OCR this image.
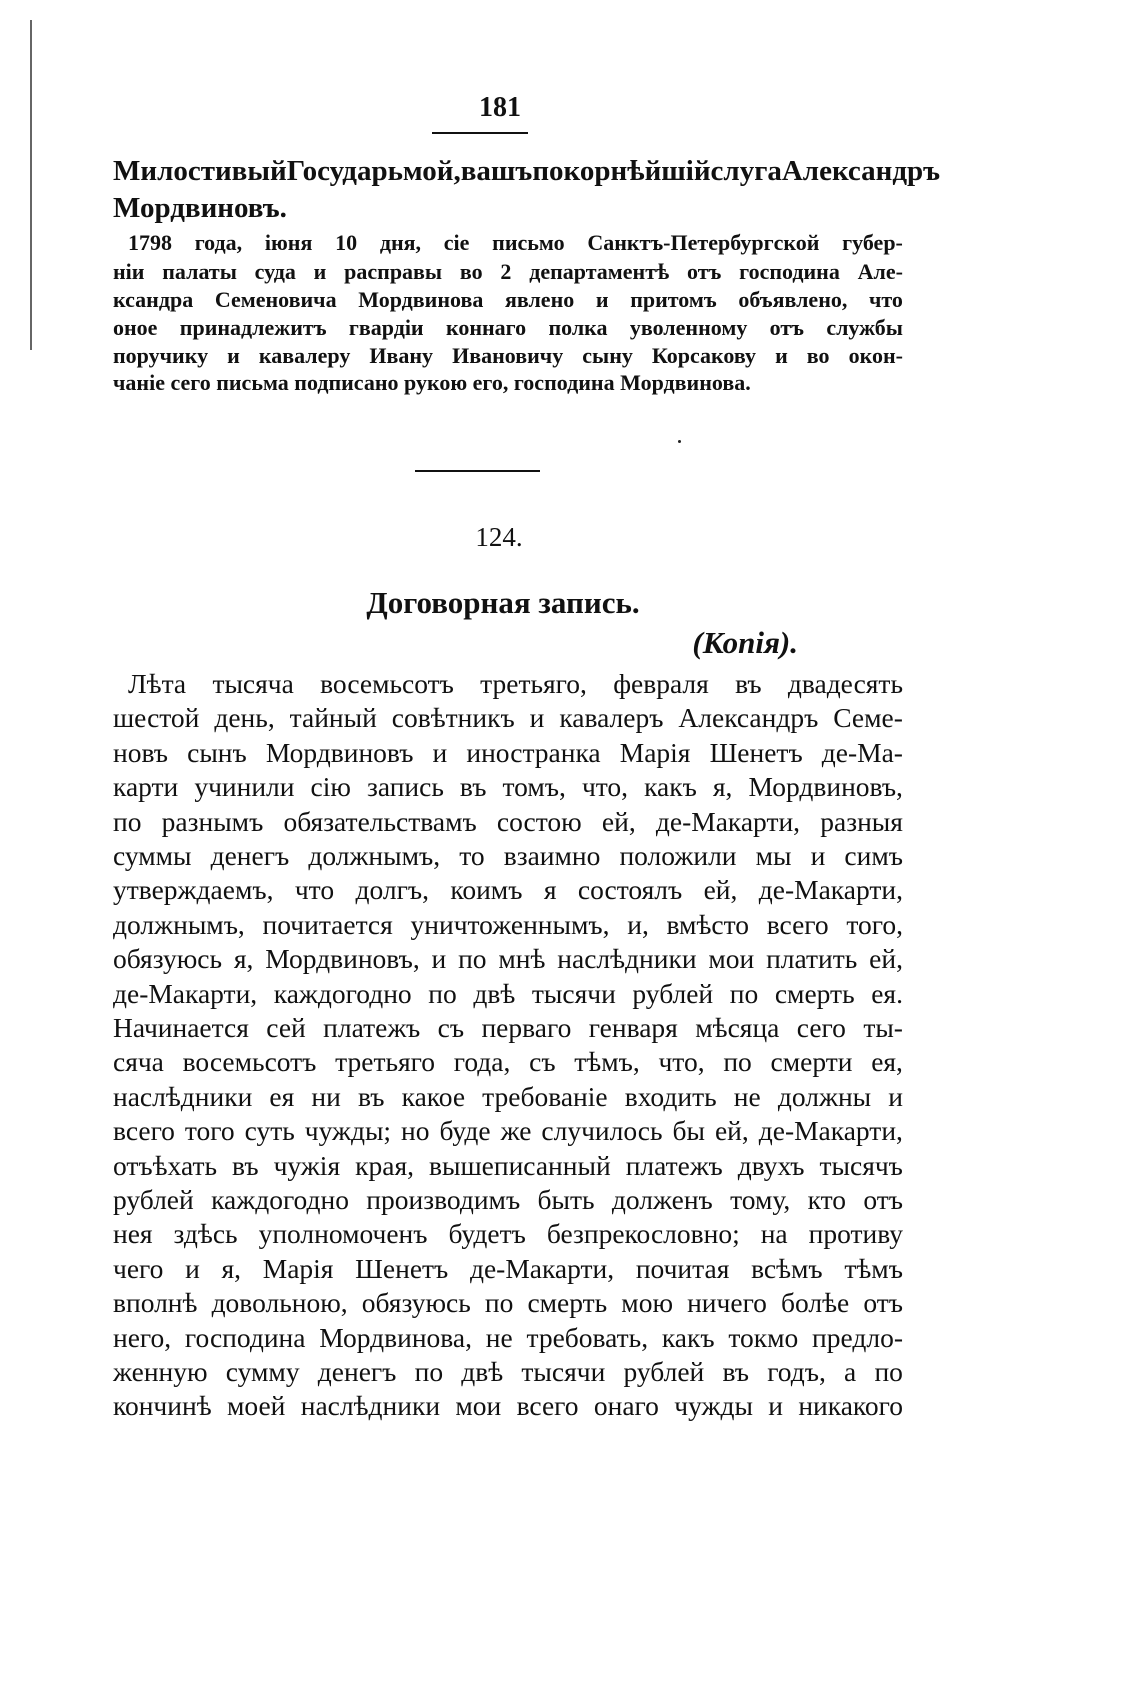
181
Милостивый Государь мой, вашъ покорнѣйшiй слуга Александръ
Мордвиновъ.
1798 года, iюня 10 дня, сiе письмо Санктъ-Петербургской губер-
нiи палаты суда и расправы во 2 департаментѣ отъ господина Але-
ксандра Семеновича Мордвинова явлено и притомъ объявлено, что
оное принадлежитъ гвардiи коннаго полка уволенному отъ службы
поручику и кавалеру Ивану Ивановичу сыну Корсакову и во окон-
чанiе сего письма подписано рукою его, господина Мордвинова.
124.
Договорная запись.
(Копiя).
Лѣта тысяча восемьсотъ третьяго, февраля въ двадесять
шестой день, тайный совѣтникъ и кавалеръ Александръ Семе-
новъ сынъ Мордвиновъ и иностранка Марiя Шенетъ де-Ма-
карти учинили сiю запись въ томъ, что, какъ я, Мордвиновъ,
по разнымъ обязательствамъ состою ей, де-Макарти, разныя
суммы денегъ должнымъ, то взаимно положили мы и симъ
утверждаемъ, что долгъ, коимъ я состоялъ ей, де-Макарти,
должнымъ, почитается уничтоженнымъ, и, вмѣсто всего того,
обязуюсь я, Мордвиновъ, и по мнѣ наслѣдники мои платить ей,
де-Макарти, каждогодно по двѣ тысячи рублей по смерть ея.
Начинается сей платежъ съ перваго генваря мѣсяца сего ты-
сяча восемьсотъ третьяго года, съ тѣмъ, что, по смерти ея,
наслѣдники ея ни въ какое требованiе входить не должны и
всего того суть чужды; но буде же случилось бы ей, де-Макарти,
отъѣхать въ чужiя края, вышеписанный платежъ двухъ тысячъ
рублей каждогодно производимъ быть долженъ тому, кто отъ
нея здѣсь уполномоченъ будетъ безпрекословно; на противу
чего и я, Марiя Шенетъ де-Макарти, почитая всѣмъ тѣмъ
вполнѣ довольною, обязуюсь по смерть мою ничего болѣе отъ
него, господина Мордвинова, не требовать, какъ токмо предло-
женную сумму денегъ по двѣ тысячи рублей въ годъ, а по
кончинѣ моей наслѣдники мои всего онаго чужды и никакого
